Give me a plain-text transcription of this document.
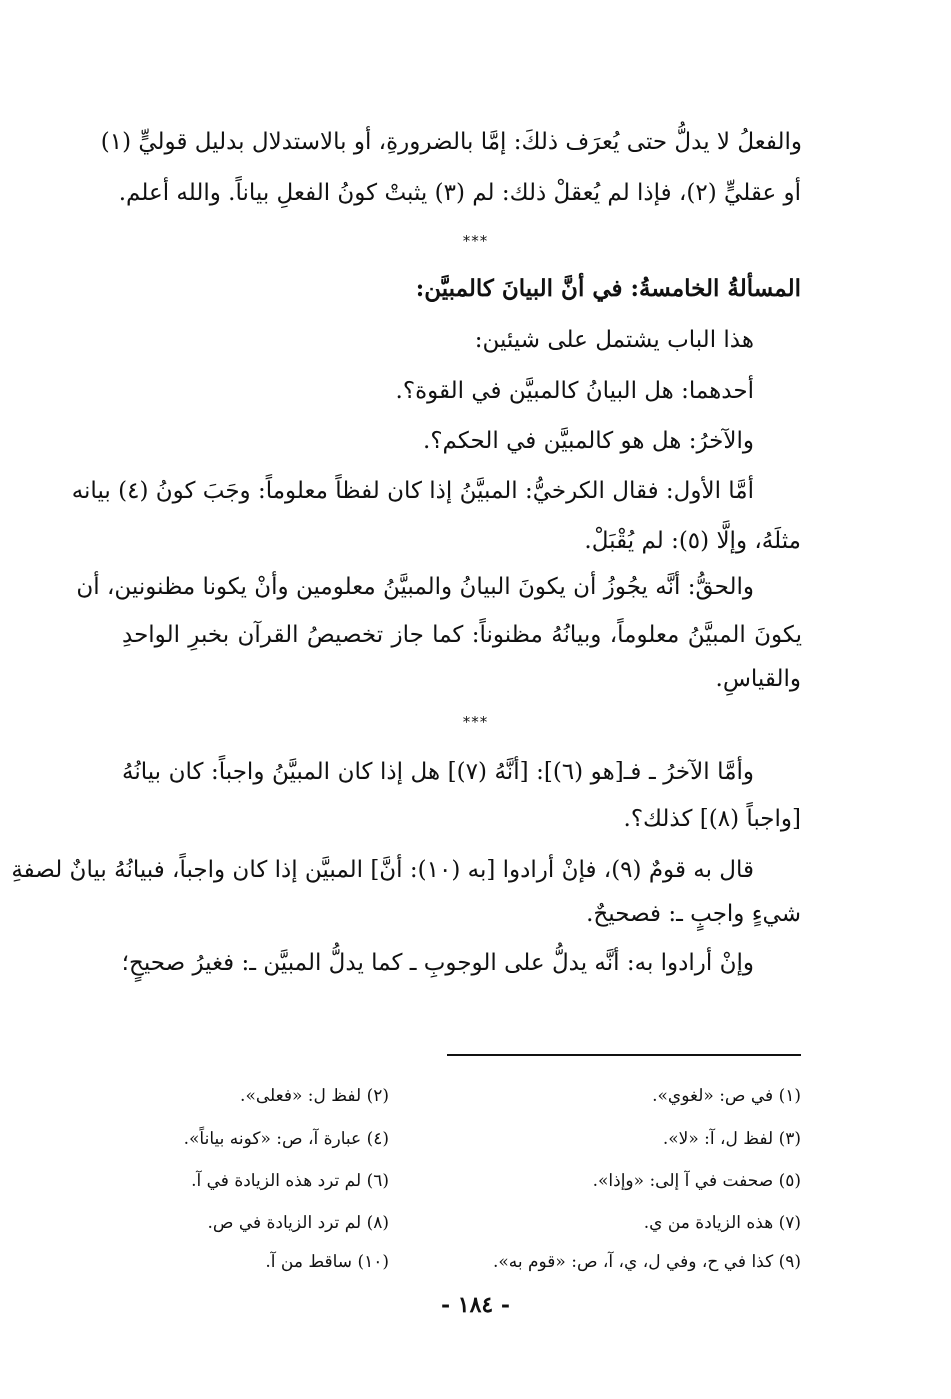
والفعلُ لا يدلُّ حتى يُعرَف ذلكَ: إمَّا بالضرورةِ، أو بالاستدلال بدليل قوليٍّ (١)
أو عقليٍّ (٢)، فإذا لم يُعقلْ ذلك: لم (٣) يثبتْ كونُ الفعلِ بياناً. والله أعلم.
***
المسألةُ الخامسةُ: في أنَّ البيانَ كالمبيَّن:
هذا الباب يشتمل على شيئين:
أحدهما: هل البيانُ كالمبيَّن في القوة؟.
والآخرُ: هل هو كالمبيَّن في الحكم؟.
أمَّا الأول: فقال الكرخيُّ: المبيَّنُ إذا كان لفظاً معلوماً: وجَبَ كونُ (٤) بيانه
مثلَهُ، وإلَّا (٥): لم يُقْبَلْ.
والحقُّ: أنَّه يجُوزُ أن يكونَ البيانُ والمبيَّنُ معلومين وأنْ يكونا مظنونين، أن
يكونَ المبيَّنُ معلوماً، وبيانُهُ مظنوناً: كما جاز تخصيصُ القرآن بخبرِ الواحدِ
والقياسِ.
***
وأمَّا الآخرُ ـ فـ[هو (٦)]: [أنَّهُ (٧)] هل إذا كان المبيَّنُ واجباً: كان بيانُهُ
[واجباً (٨)] كذلك؟.
قال به قومٌ (٩)، فإنْ أرادوا [به (١٠): أنَّ] المبيَّن إذا كان واجباً، فبيانُهُ بيانٌ لصفةِ
شيءٍ واجبٍ ـ: فصحيحٌ.
وإنْ أرادوا به: أنَّه يدلُّ على الوجوبِ ـ كما يدلُّ المبيَّن ـ: فغيرُ صحيحٍ؛
(١) في ص: «لغوي».
(٢) لفظ ل: «فعلى».
(٣) لفظ ل، آ: «لا».
(٤) عبارة آ، ص: «كونه بياناً».
(٥) صحفت في آ إلى: «وإذا».
(٦) لم ترد هذه الزيادة في آ.
(٧) هذه الزيادة من ي.
(٨) لم ترد الزيادة في ص.
(٩) كذا في ح، وفي ل، ي، آ، ص: «قوم به».
(١٠) ساقط من آ.
- ١٨٤ -
